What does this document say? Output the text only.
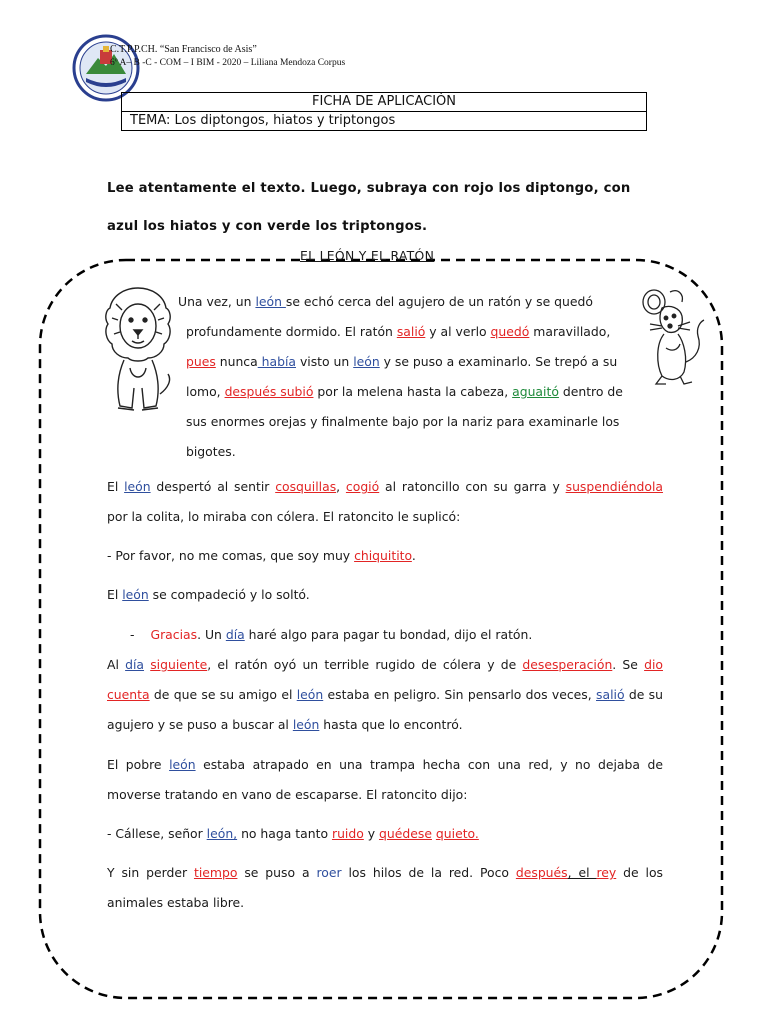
C.T.P.P.CH. “San Francisco de Asis”
6º A– B -C - COM – I BIM - 2020 – Liliana Mendoza Corpus
FICHA DE APLICACIÓN
TEMA: Los diptongos, hiatos y triptongos
Lee atentamente el texto. Luego, subraya con rojo los diptongo, con azul los hiatos y con verde los triptongos.
EL LEÓN Y EL RATÓN
Una vez, un león se echó cerca del agujero de un ratón y se quedó
profundamente dormido. El ratón salió y al verlo quedó maravillado,
pues nunca había visto un león y se puso a examinarlo. Se trepó a su
lomo, después subió por la melena hasta la cabeza, aguaitó dentro de
sus enormes orejas y finalmente bajo por la nariz para examinarle los
bigotes.
El león despertó al sentir cosquillas, cogió al ratoncillo con su garra y suspendiéndola por la colita, lo miraba con cólera. El ratoncito le suplicó:
- Por favor, no me comas, que soy muy chiquitito.
El león se compadeció y lo soltó.
- Gracias. Un día haré algo para pagar tu bondad, dijo el ratón.
Al día siguiente, el ratón oyó un terrible rugido de cólera y de desesperación. Se dio cuenta de que se su amigo el león estaba en peligro. Sin pensarlo dos veces, salió de su agujero y se puso a buscar al león hasta que lo encontró.
El pobre león estaba atrapado en una trampa hecha con una red, y no dejaba de moverse tratando en vano de escaparse. El ratoncito dijo:
- Cállese, señor león, no haga tanto ruido y quédese quieto.
Y sin perder tiempo se puso a roer los hilos de la red. Poco después, el rey de los animales estaba libre.
